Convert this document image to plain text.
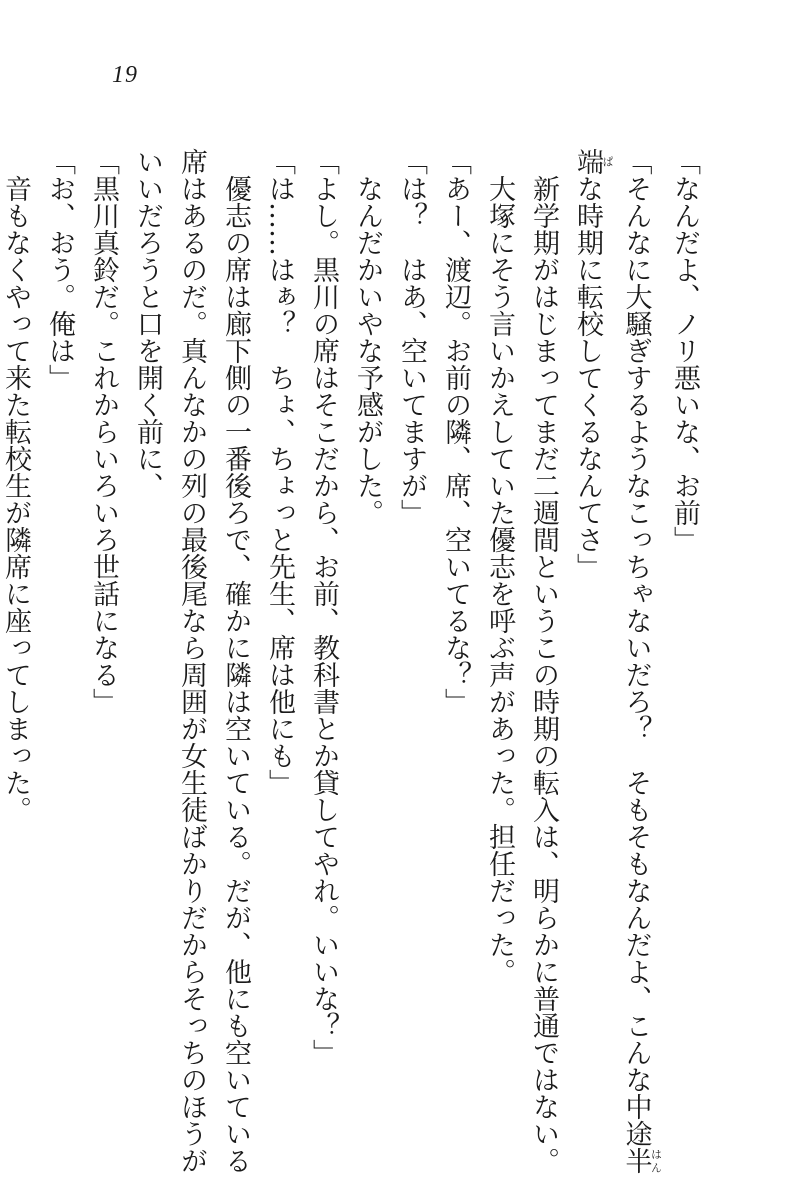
19
「なんだよ、ノリ悪いな、お前」
「そんなに大騒ぎするようなこっちゃないだろ？　そもそもなんだよ、こんな中途半はん
端ぱな時期に転校してくるなんてさ」
新学期がはじまってまだ二週間というこの時期の転入は、明らかに普通ではない。
大塚にそう言いかえしていた優志を呼ぶ声があった。担任だった。
「あー、渡辺。お前の隣、席、空いてるな？」
「は？　はあ、空いてますが」
なんだかいやな予感がした。
「よし。黒川の席はそこだから、お前、教科書とか貸してやれ。いいな？」
「は……はぁ？　ちょ、ちょっと先生、席は他にも」
優志の席は廊下側の一番後ろで、確かに隣は空いている。だが、他にも空いている
席はあるのだ。真んなかの列の最後尾なら周囲が女生徒ばかりだからそっちのほうが
いいだろうと口を開く前に、
「黒川真鈴だ。これからいろいろ世話になる」
「お、おう。俺は」
音もなくやって来た転校生が隣席に座ってしまった。
